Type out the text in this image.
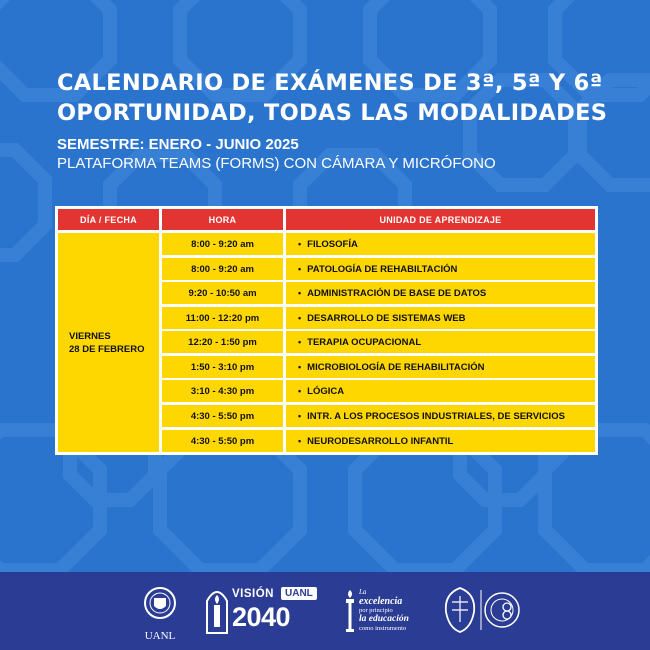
CALENDARIO DE EXÁMENES DE 3ª, 5ª Y 6ª
OPORTUNIDAD, TODAS LAS MODALIDADES
SEMESTRE: ENERO - JUNIO 2025
PLATAFORMA TEAMS (FORMS) CON CÁMARA Y MICRÓFONO
DÍA / FECHA	HORA	UNIDAD DE APRENDIZAJE
VIERNES
28 DE FEBRERO
8:00 - 9:20 am	• FILOSOFÍA
8:00 - 9:20 am	• PATOLOGÍA DE REHABILTACIÓN
9:20 - 10:50 am	• ADMINISTRACIÓN DE BASE DE DATOS
11:00 - 12:20 pm	• DESARROLLO DE SISTEMAS WEB
12:20 - 1:50 pm	• TERAPIA OCUPACIONAL
1:50 - 3:10 pm	• MICROBIOLOGÍA DE REHABILITACIÓN
3:10 - 4:30 pm	• LÓGICA
4:30 - 5:50 pm	• INTR. A LOS PROCESOS INDUSTRIALES, DE SERVICIOS
4:30 - 5:50 pm	• NEURODESARROLLO INFANTIL
UANL
VISIÓN	UANL
2040
La
excelencia
por principio
la educación
como instrumento
